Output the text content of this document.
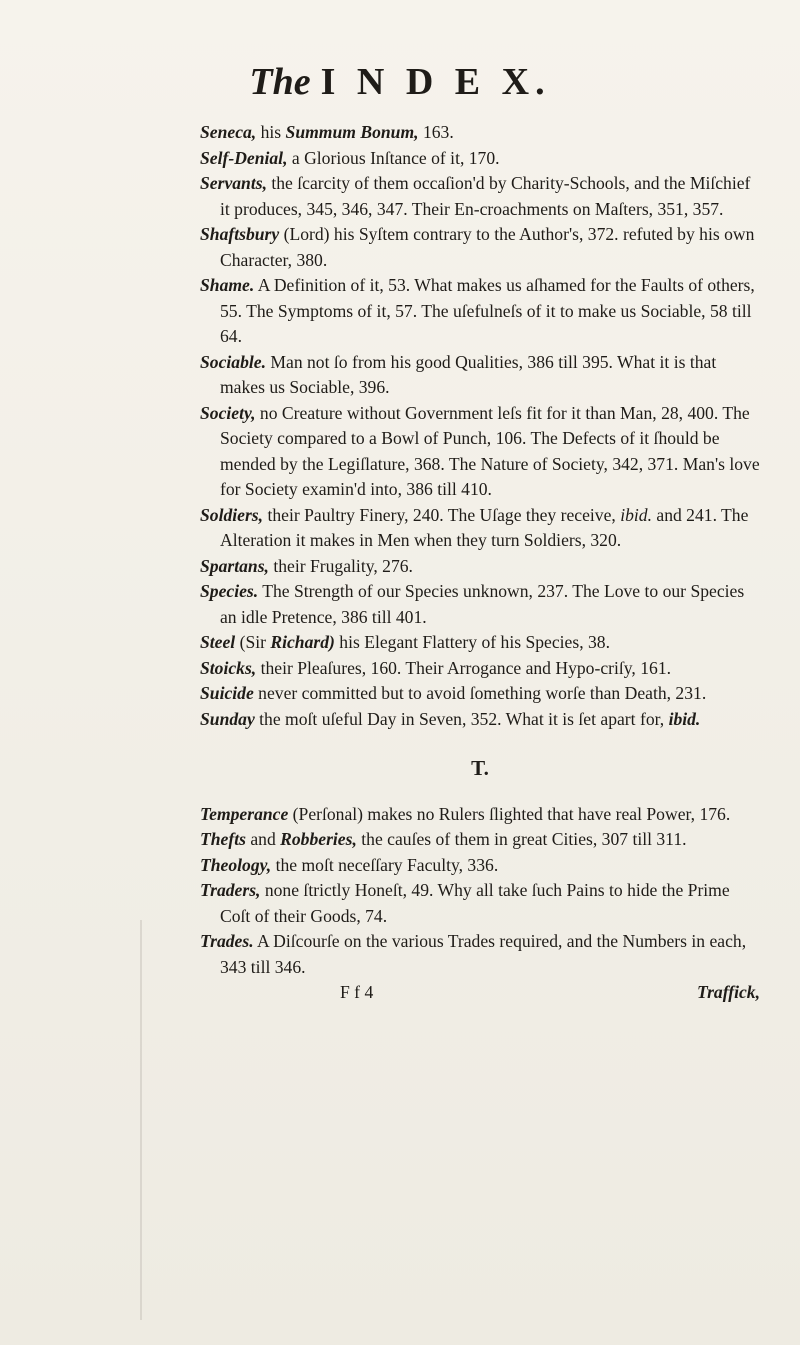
The I N D E X.

Seneca, his Summum Bonum, 163.

Self-Denial, a Glorious Inſtance of it, 170.

Servants, the ſcarcity of them occaſion'd by Charity-Schools, and the Miſchief it produces, 345, 346, 347. Their En-croachments on Maſters, 351, 357.

Shaftsbury (Lord) his Syſtem contrary to the Author's, 372. refuted by his own Character, 380.

Shame. A Definition of it, 53. What makes us aſhamed for the Faults of others, 55. The Symptoms of it, 57. The uſefulneſs of it to make us Sociable, 58 till 64.

Sociable. Man not ſo from his good Qualities, 386 till 395. What it is that makes us Sociable, 396.

Society, no Creature without Government leſs fit for it than Man, 28, 400. The Society compared to a Bowl of Punch, 106. The Defects of it ſhould be mended by the Legiſlature, 368. The Nature of Society, 342, 371. Man's love for Society examin'd into, 386 till 410.

Soldiers, their Paultry Finery, 240. The Uſage they receive, ibid. and 241. The Alteration it makes in Men when they turn Soldiers, 320.

Spartans, their Frugality, 276.

Species. The Strength of our Species unknown, 237. The Love to our Species an idle Pretence, 386 till 401.

Steel (Sir Richard) his Elegant Flattery of his Species, 38.

Stoicks, their Pleaſures, 160. Their Arrogance and Hypo-criſy, 161.

Suicide never committed but to avoid ſomething worſe than Death, 231.

Sunday the moſt uſeful Day in Seven, 352. What it is ſet apart for, ibid.

T.

Temperance (Perſonal) makes no Rulers ſlighted that have real Power, 176.

Thefts and Robberies, the cauſes of them in great Cities, 307 till 311.

Theology, the moſt neceſſary Faculty, 336.

Traders, none ſtrictly Honeſt, 49. Why all take ſuch Pains to hide the Prime Coſt of their Goods, 74.

Trades. A Diſcourſe on the various Trades required, and the Numbers in each, 343 till 346.

F f 4	Traffick,
